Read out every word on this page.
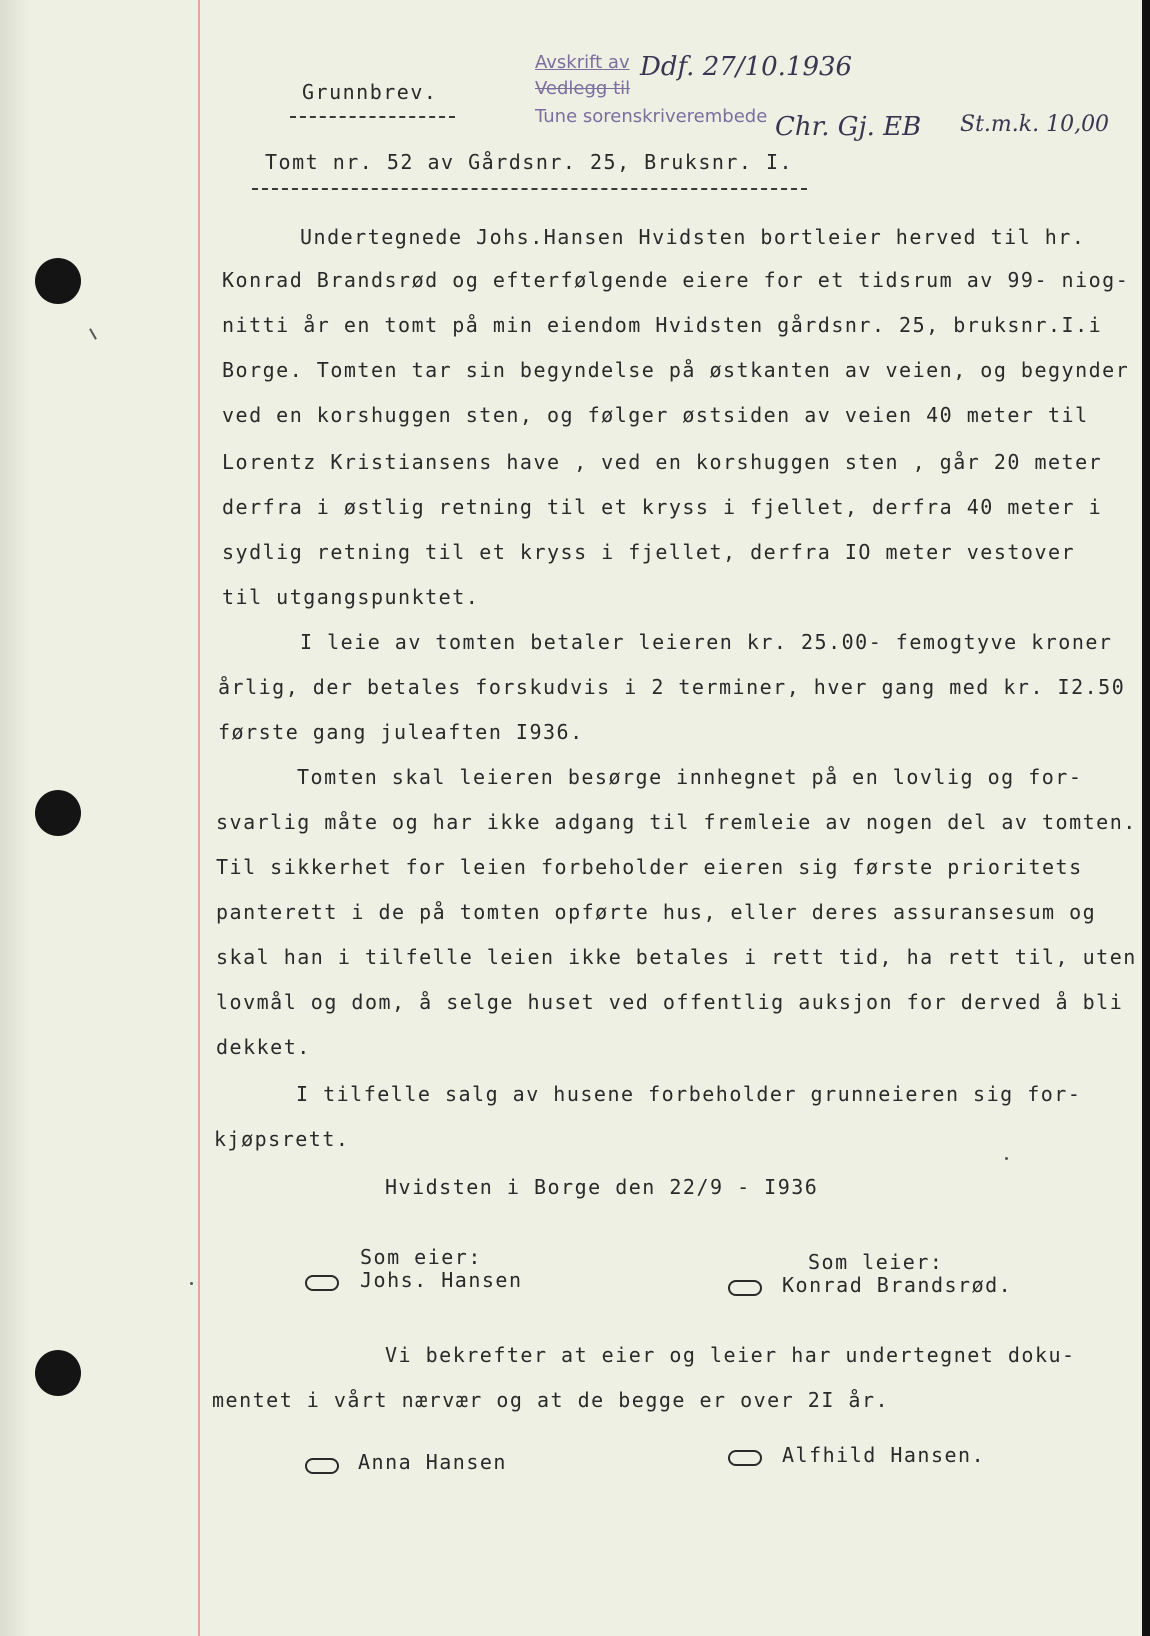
Grunnbrev.
Avskrift av
Vedlegg til
Tune sorenskriverembede
Ddf. 27/10.1936
Chr. Gj. EB St.m.k. 10,00
Tomt nr. 52 av Gårdsnr. 25, Bruksnr. I.
Undertegnede Johs.Hansen Hvidsten bortleier herved til hr.
Konrad Brandsrød og efterfølgende eiere for et tidsrum av 99- niog-
nitti år en tomt på min eiendom Hvidsten gårdsnr. 25, bruksnr.I.i
Borge. Tomten tar sin begyndelse på østkanten av veien, og begynder
ved en korshuggen sten, og følger østsiden av veien 40 meter til
Lorentz Kristiansens have , ved en korshuggen sten , går 20 meter
derfra i østlig retning til et kryss i fjellet, derfra 40 meter i
sydlig retning til et kryss i fjellet, derfra IO meter vestover
til utgangspunktet.
I leie av tomten betaler leieren kr. 25.00- femogtyve kroner
årlig, der betales forskudvis i 2 terminer, hver gang med kr. I2.50
første gang juleaften I936.
Tomten skal leieren besørge innhegnet på en lovlig og for-
svarlig måte og har ikke adgang til fremleie av nogen del av tomten.
Til sikkerhet for leien forbeholder eieren sig første prioritets
panterett i de på tomten opførte hus, eller deres assuransesum og
skal han i tilfelle leien ikke betales i rett tid, ha rett til, uten
lovmål og dom, å selge huset ved offentlig auksjon for derved å bli
dekket.
I tilfelle salg av husene forbeholder grunneieren sig for-
kjøpsrett.
Hvidsten i Borge den 22/9 - I936
Som eier:
Johs. Hansen
Som leier:
Konrad Brandsrød.
Vi bekrefter at eier og leier har undertegnet doku-
mentet i vårt nærvær og at de begge er over 2I år.
Anna Hansen	Alfhild Hansen.
